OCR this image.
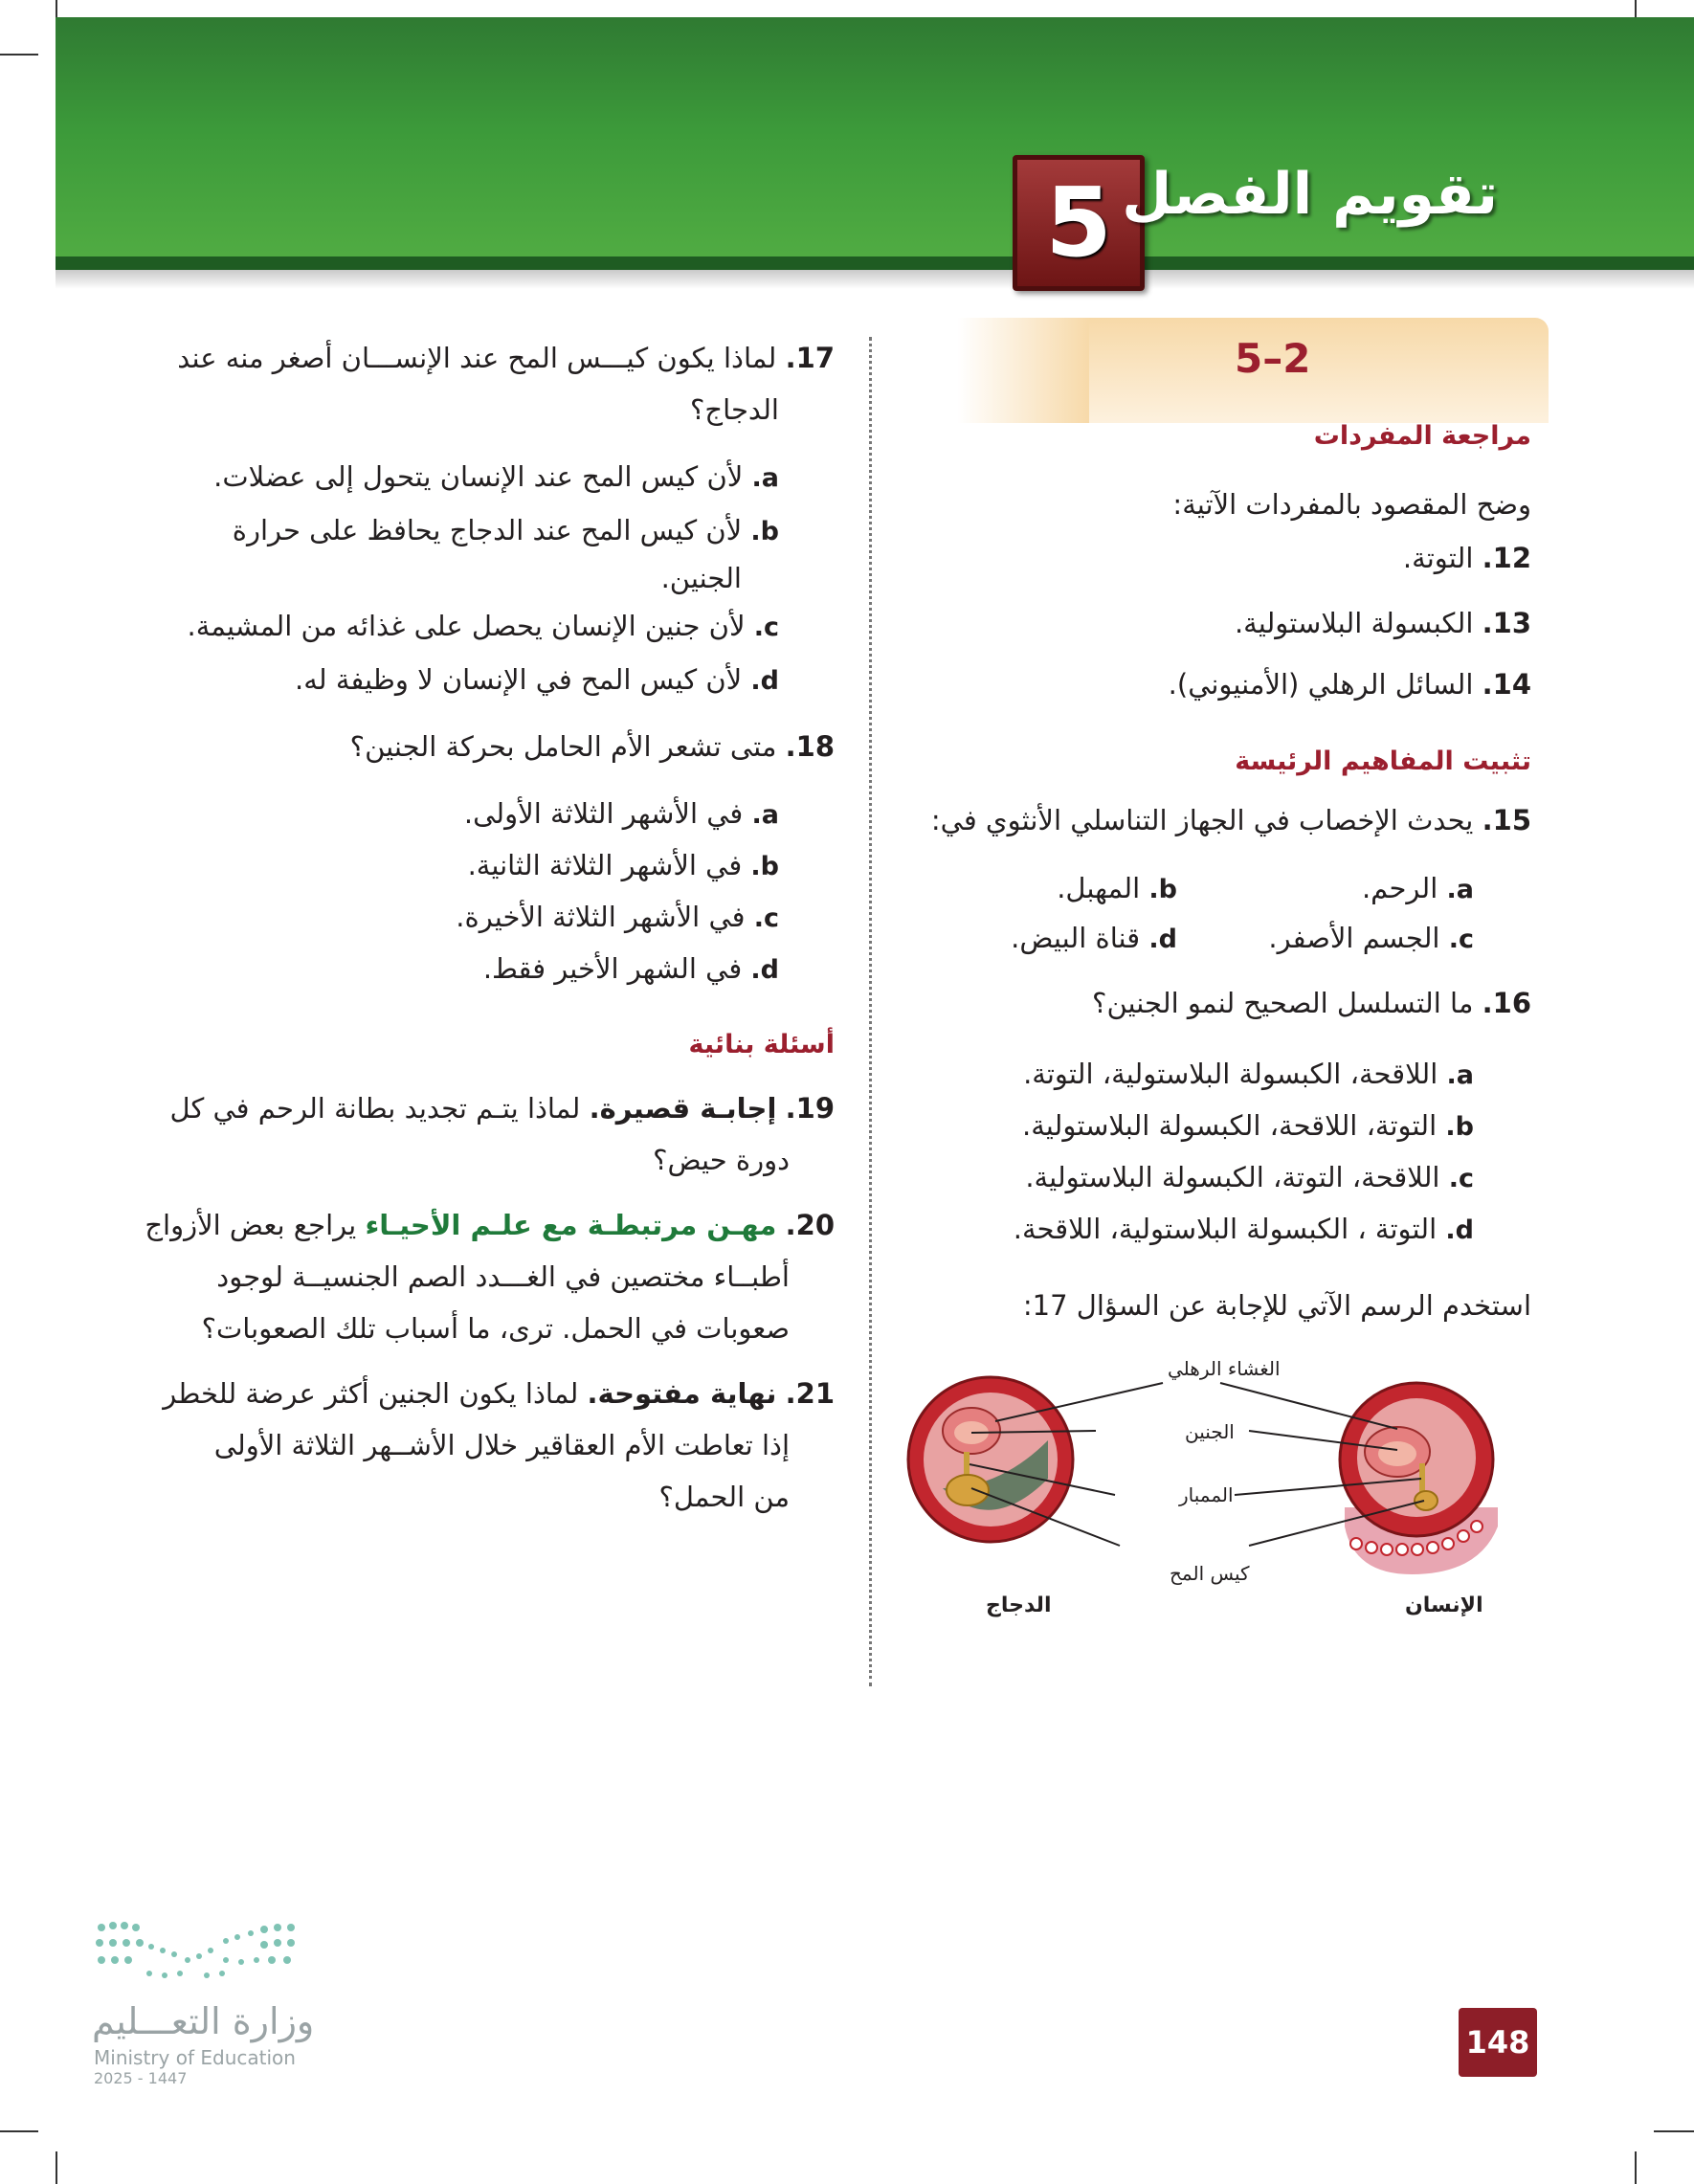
5 تقويم الفصل
5–2
مراجعة المفردات
وضح المقصود بالمفردات الآتية:
12. التوتة.
13. الكبسولة البلاستولية.
14. السائل الرهلي (الأمنيوني).
تثبيت المفاهيم الرئيسة
15. يحدث الإخصاب في الجهاز التناسلي الأنثوي في:
a. الرحم.
b. المهبل.
c. الجسم الأصفر.
d. قناة البيض.
16. ما التسلسل الصحيح لنمو الجنين؟
a. اللاقحة، الكبسولة البلاستولية، التوتة.
b. التوتة، اللاقحة، الكبسولة البلاستولية.
c. اللاقحة، التوتة، الكبسولة البلاستولية.
d. التوتة ، الكبسولة البلاستولية، اللاقحة.
استخدم الرسم الآتي للإجابة عن السؤال 17:
الغشاء الرهلي
الجنين
الممبار
كيس المح
الإنسان
الدجاج
17. لماذا يكون كيـــس المح عند الإنســـان أصغر منه عند
الدجاج؟
a. لأن كيس المح عند الإنسان يتحول إلى عضلات.
b. لأن كيس المح عند الدجاج يحافظ على حرارة
الجنين.
c. لأن جنين الإنسان يحصل على غذائه من المشيمة.
d. لأن كيس المح في الإنسان لا وظيفة له.
18. متى تشعر الأم الحامل بحركة الجنين؟
a. في الأشهر الثلاثة الأولى.
b. في الأشهر الثلاثة الثانية.
c. في الأشهر الثلاثة الأخيرة.
d. في الشهر الأخير فقط.
أسئلة بنائية
19. إجابـة قصيرة. لماذا يتـم تجديد بطانة الرحم في كل
دورة حيض؟
20. مهـن مرتبطـة مع علـم الأحيـاء يراجع بعض الأزواج
أطبــاء مختصين في الغـــدد الصم الجنسيــة لوجود
صعوبات في الحمل. ترى، ما أسباب تلك الصعوبات؟
21. نهاية مفتوحة. لماذا يكون الجنين أكثر عرضة للخطر
إذا تعاطت الأم العقاقير خلال الأشــهر الثلاثة الأولى
من الحمل؟
وزارة التعـــليم
Ministry of Education
2025 - 1447
148
